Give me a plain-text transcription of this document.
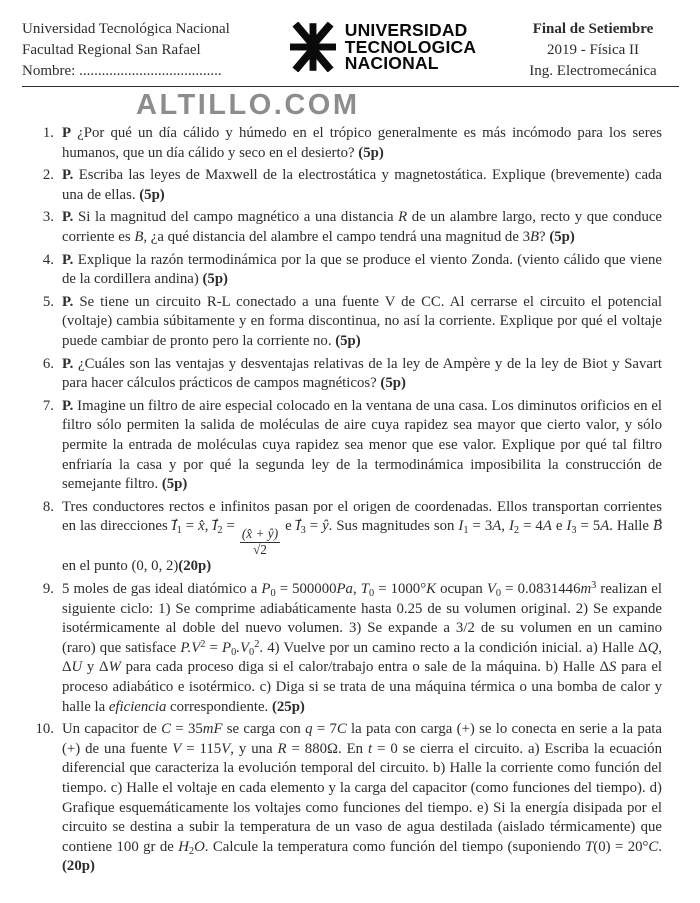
Universidad Tecnológica Nacional
Facultad Regional San Rafael
Nombre: ......................................
UNIVERSIDAD
TECNOLOGICA
NACIONAL
Final de Setiembre
2019 - Física II
Ing. Electromecánica
ALTILLO.COM
1. P ¿Por qué un día cálido y húmedo en el trópico generalmente es más incómodo para los seres humanos, que un día cálido y seco en el desierto? (5p)
2. P. Escriba las leyes de Maxwell de la electrostática y magnetostática. Explique (brevemente) cada una de ellas. (5p)
3. P. Si la magnitud del campo magnético a una distancia R de un alambre largo, recto y que conduce corriente es B, ¿a qué distancia del alambre el campo tendrá una magnitud de 3B? (5p)
4. P. Explique la razón termodinámica por la que se produce el viento Zonda. (viento cálido que viene de la cordillera andina) (5p)
5. P. Se tiene un circuito R-L conectado a una fuente V de CC. Al cerrarse el circuito el potencial (voltaje) cambia súbitamente y en forma discontinua, no así la corriente. Explique por qué el voltaje puede cambiar de pronto pero la corriente no. (5p)
6. P. ¿Cuáles son las ventajas y desventajas relativas de la ley de Ampère y de la ley de Biot y Savart para hacer cálculos prácticos de campos magnéticos? (5p)
7. P. Imagine un filtro de aire especial colocado en la ventana de una casa. Los diminutos orificios en el filtro sólo permiten la salida de moléculas de aire cuya rapidez sea mayor que cierto valor, y sólo permite la entrada de moléculas cuya rapidez sea menor que ese valor. Explique por qué tal filtro enfriaría la casa y por qué la segunda ley de la termodinámica imposibilita la construcción de semejante filtro. (5p)
8. Tres conductores rectos e infinitos pasan por el origen de coordenadas. Ellos transportan corrientes en las direcciones I $⇀_1$ = x̂, I $⇀_2$ =
$\frac{(x̂ + ŷ)}{√2}$
e I $⇀_3$ = ŷ. Sus magnitudes son $I_1 = 3A$, $I_2 = 4A$ e $I_3 = 5A$. Halle B ⇀ en el punto (0, 0, 2)(20p)
9. 5 moles de gas ideal diatómico a $P_0 = 500000Pa$, $T_0 = 1000^\circ K$ ocupan $V_0 = 0.0831446m^3$ realizan el siguiente ciclo: 1) Se comprime adiabáticamente hasta 0.25 de su volumen original. 2) Se expande isotérmicamente al doble del nuevo volumen. 3) Se expande a 3/2 de su volumen en un camino (raro) que satisface $P.V^2 = P_0.V_0^2$. 4) Vuelve por un camino recto a la condición inicial. a) Halle ΔQ, ΔU y ΔW para cada proceso diga si el calor/trabajo entra o sale de la máquina. b) Halle ΔS para el proceso adiabático e isotérmico. c) Diga si se trata de una máquina térmica o una bomba de calor y halle la eficiencia correspondiente. (25p)
10. Un capacitor de C = 35mF se carga con q = 7C la pata con carga (+) se lo conecta en serie a la pata (+) de una fuente V = 115V, y una R = 880Ω. En t = 0 se cierra el circuito. a) Escriba la ecuación diferencial que caracteriza la evolución temporal del circuito. b) Halle la corriente como función del tiempo. c) Halle el voltaje en cada elemento y la carga del capacitor (como funciones del tiempo). d) Grafique esquemáticamente los voltajes como funciones del tiempo. e) Si la energía disipada por el circuito se destina a subir la temperatura de un vaso de agua destilada (aislado térmicamente) que contiene 100 gr de $H_2O$. Calcule la temperatura como función del tiempo (suponiendo T(0) = 20°C. (20p)
